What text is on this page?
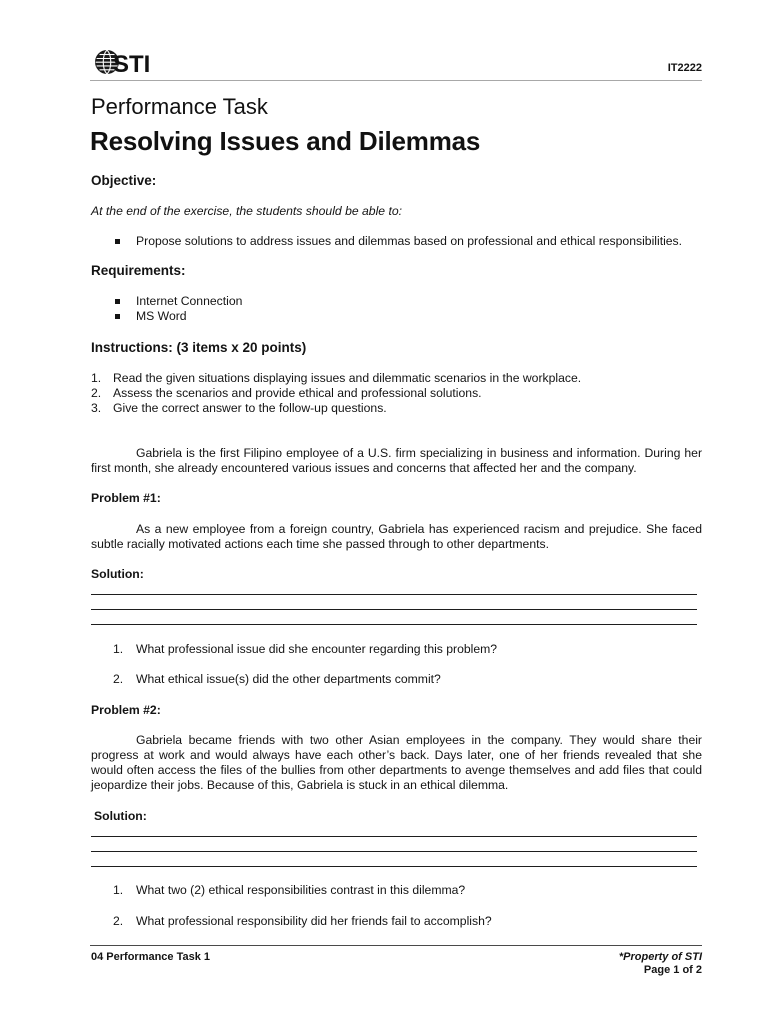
STI	IT2222
Performance Task
Resolving Issues and Dilemmas
Objective:
At the end of the exercise, the students should be able to:
Propose solutions to address issues and dilemmas based on professional and ethical responsibilities.
Requirements:
Internet Connection
MS Word
Instructions: (3 items x 20 points)
1. Read the given situations displaying issues and dilemmatic scenarios in the workplace.
2. Assess the scenarios and provide ethical and professional solutions.
3. Give the correct answer to the follow-up questions.
Gabriela is the first Filipino employee of a U.S. firm specializing in business and information. During her
first month, she already encountered various issues and concerns that affected her and the company.
Problem #1:
As a new employee from a foreign country, Gabriela has experienced racism and prejudice. She faced
subtle racially motivated actions each time she passed through to other departments.
Solution:
1. What professional issue did she encounter regarding this problem?
2. What ethical issue(s) did the other departments commit?
Problem #2:
Gabriela became friends with two other Asian employees in the company. They would share their
progress at work and would always have each other’s back. Days later, one of her friends revealed that she
would often access the files of the bullies from other departments to avenge themselves and add files that could
jeopardize their jobs. Because of this, Gabriela is stuck in an ethical dilemma.
Solution:
1. What two (2) ethical responsibilities contrast in this dilemma?
2. What professional responsibility did her friends fail to accomplish?
04 Performance Task 1	*Property of STI
Page 1 of 2
